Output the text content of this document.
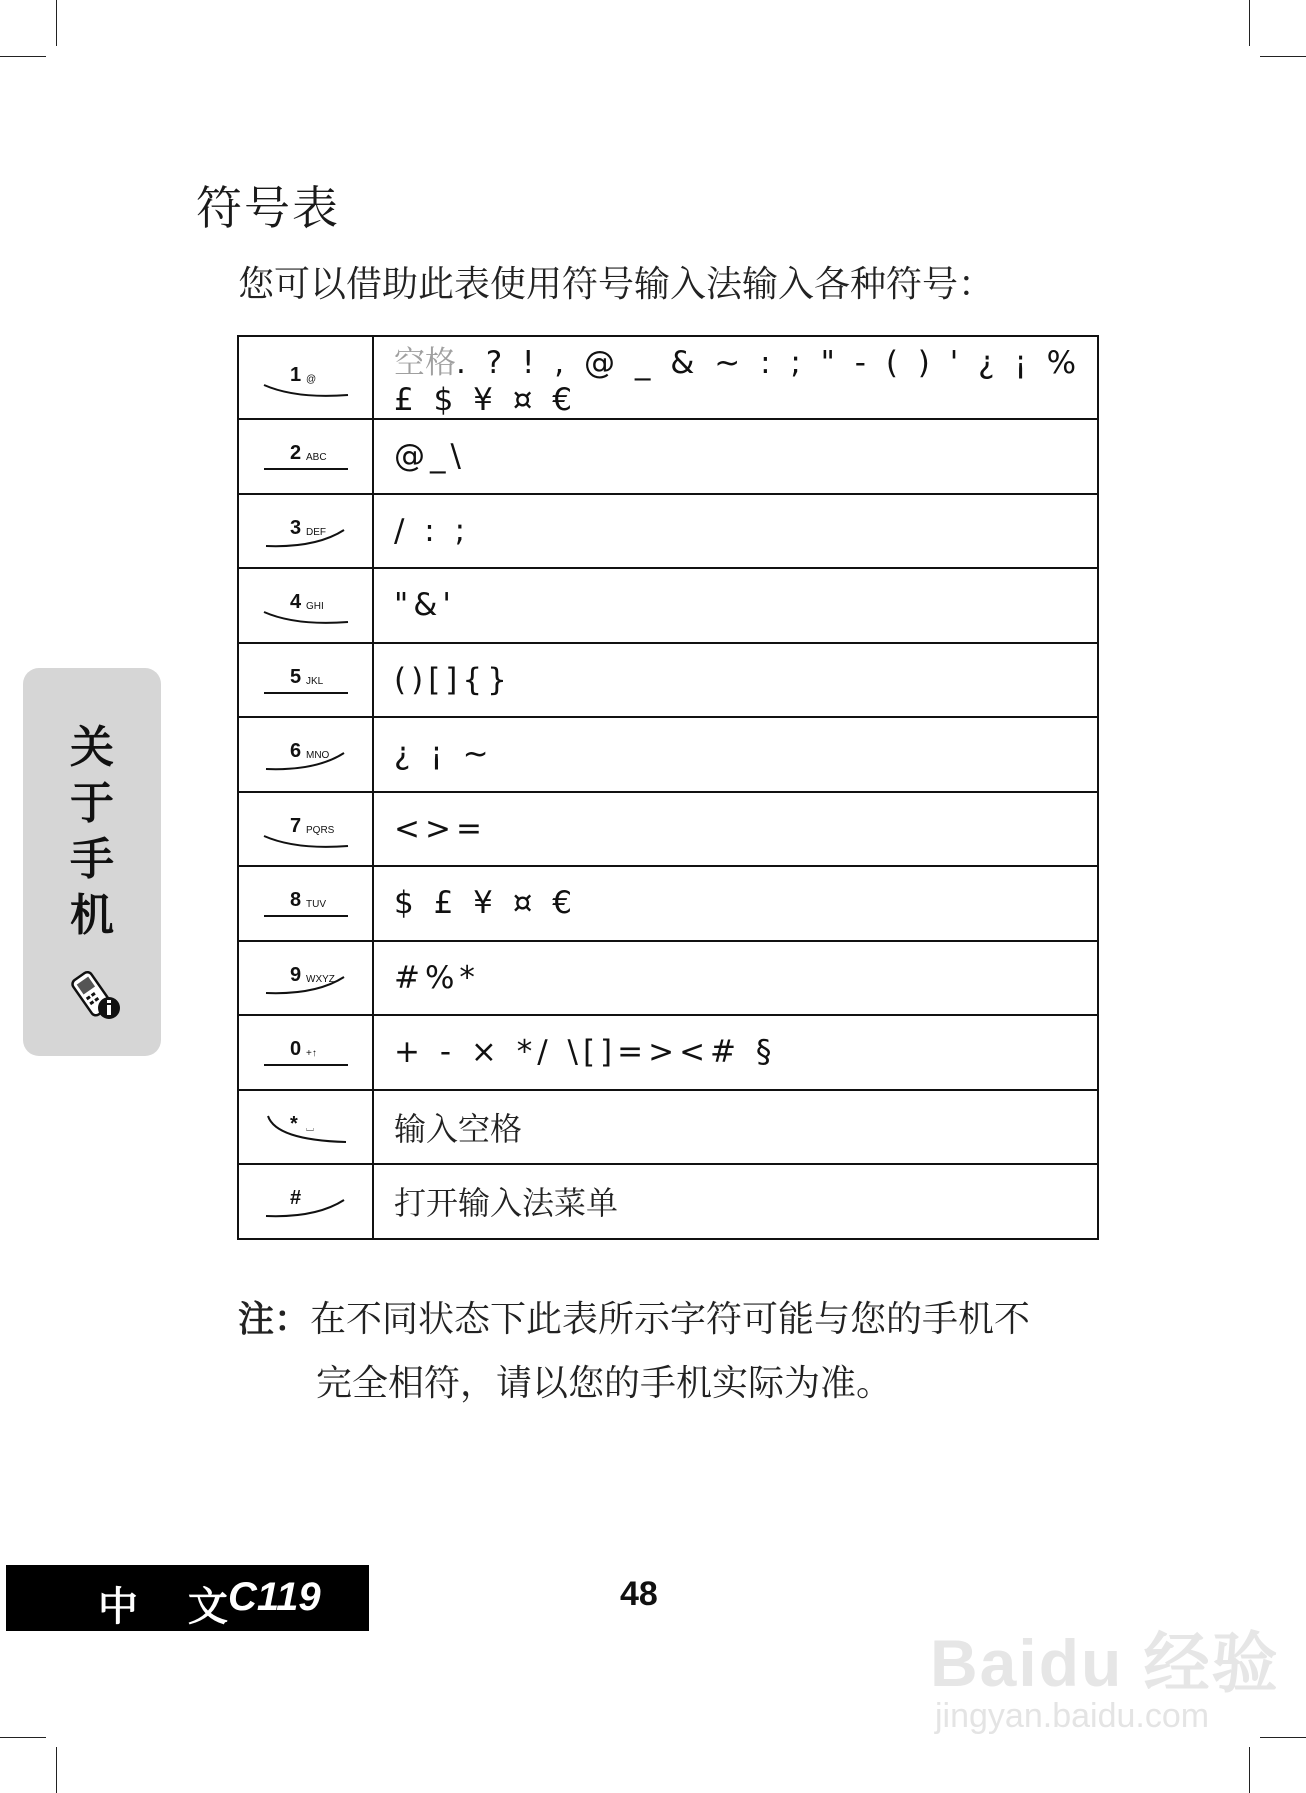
符号表
您可以借助此表使用符号输入法输入各种符号：
1 @	空格. ? ! , @ _ & ~ : ; " - ( ) ' ¿ ¡ % £ $ ¥ ¤ €

2 ABC	@_\

3 DEF	/ : ;

4 GHI	"&'

5 JKL	()[]{}

6 MNO	¿ ¡ ~

7 PQRS	<>=

8 TUV	$ £ ¥ ¤ €

9 WXYZ	#%*

0 +↑	+ - × */ \[]=><# §

* ⌴	输入空格

#	打开输入法菜单
注：在不同状态下此表所示字符可能与您的手机不
完全相符，请以您的手机实际为准。
关
于
手
机
中 文
C119	48
Baidu 经验
jingyan.baidu.com
